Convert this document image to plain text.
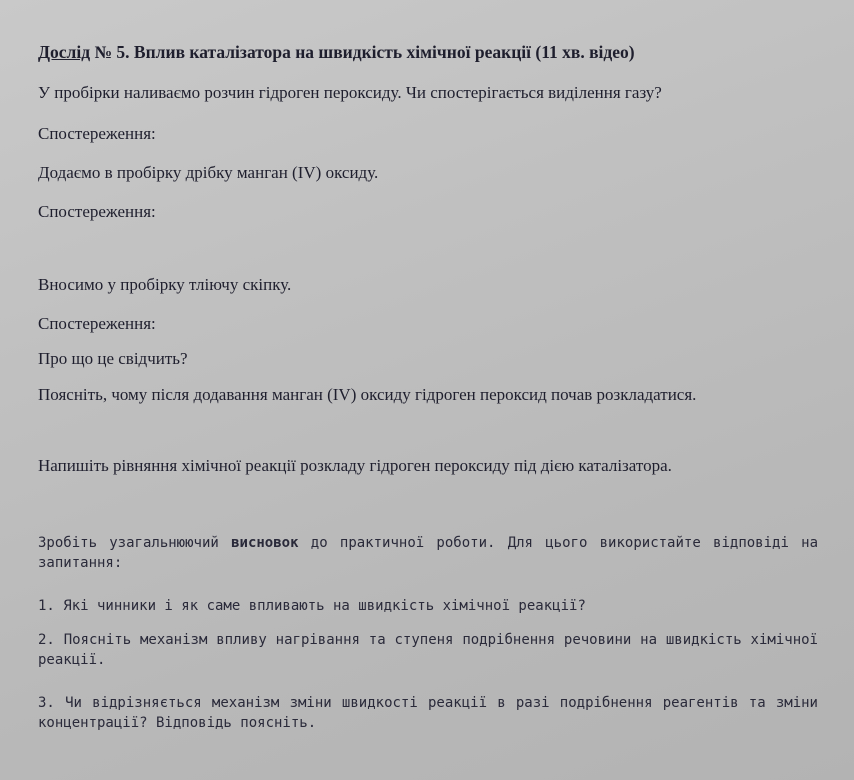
Дослід № 5. Вплив каталізатора на швидкість хімічної реакції (11 хв. відео)
У пробірки наливаємо розчин гідроген пероксиду. Чи спостерігається виділення газу?
Спостереження:
Додаємо в пробірку дрібку манган (IV) оксиду.
Спостереження:
Вносимо у пробірку тліючу скіпку.
Спостереження:
Про що це свідчить?
Поясніть, чому після додавання манган (IV) оксиду гідроген пероксид почав розкладатися.
Напишіть рівняння хімічної реакції розкладу гідроген пероксиду під дією каталізатора.
Зробіть узагальнюючий висновок до практичної роботи. Для цього використайте відповіді на запитання:
1. Які чинники і як саме впливають на швидкість хімічної реакції?
2. Поясніть механізм впливу нагрівання та ступеня подрібнення речовини на швидкість хімічної реакції.
3. Чи відрізняється механізм зміни швидкості реакції в разі подрібнення реагентів та зміни концентрації? Відповідь поясніть.
